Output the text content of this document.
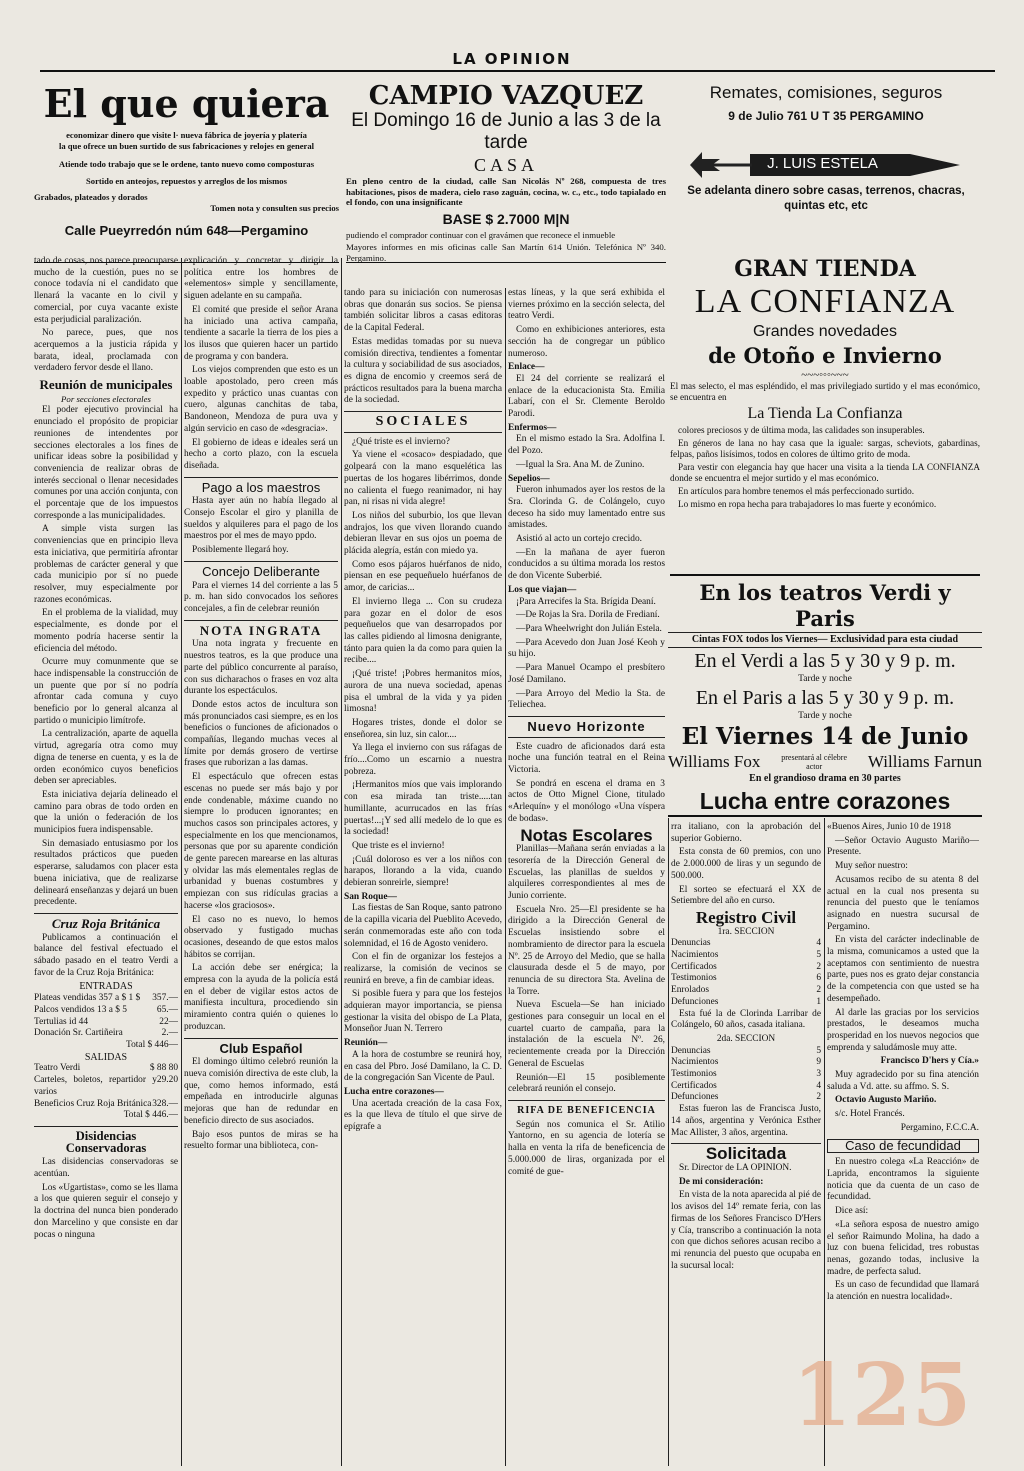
LA OPINION
El que quiera
economizar dinero que visite l· nueva fábrica de joyería y platería
la que ofrece un buen surtido de sus fabricaciones y relojes en general
Atiende todo trabajo que se le ordene, tanto nuevo como composturas
Sortido en anteojos, repuestos y arreglos de los mismos
Grabados, plateados y dorados
Tomen nota y consulten sus precios
Calle Pueyrredón núm 648—Pergamino
CAMPIO VAZQUEZ
El Domingo 16 de Junio a las 3 de la tarde
CASA
En pleno centro de la ciudad, calle San Nicolás Nº 268, compuesta de tres habitaciones, pisos de madera, cielo raso zaguán, cocina, w. c., etc., todo tapialado en el fondo, con una insignificante
BASE $ 2.7000 M|N
pudiendo el comprador continuar con el gravámen que reconece el inmueble
Mayores informes en mis oficinas calle San Martín 614 Unión. Telefónica Nº 340. Pergamino.
Remates, comisiones, seguros
9 de Julio 761 U T 35 PERGAMINO
Se adelanta dinero sobre casas, terrenos, chacras, quintas etc, etc
J. LUIS ESTELA
GRAN TIENDA
LA CONFIANZA
Grandes novedades
de Otoño e Invierno
~~~◦◦◦~~~
El mas selecto, el mas espléndido, el mas privilegiado surtido y el mas económico, se encuentra en
La Tienda La Confianza

colores preciosos y de última moda, las calidades son insuperables.

En géneros de lana no hay casa que la iguale: sargas, scheviots, gabardinas, felpas, paños lisísimos, todos en colores de último grito de moda.

Para vestir con elegancia hay que hacer una visita a la tienda LA CONFIANZA donde se encuentra el mejor surtido y el mas económico.

En artículos para hombre tenemos el más perfeccionado surtido.

Lo mismo en ropa hecha para trabajadores lo mas fuerte y económico.

En los teatros Verdi y Paris
Cintas FOX todos los Viernes— Exclusividad para esta ciudad
En el Verdi a las 5 y 30 y 9 p. m.
Tarde y noche
En el Paris a las 5 y 30 y 9 p. m.
Tarde y noche
El Viernes 14 de Junio
Williams Fox	presentará al célebre actor	Williams Farnun
En el grandioso drama en 30 partes
Lucha entre corazones

tado de cosas, nos parece preocuparse mucho de la cuestión, pues no se conoce todavía ni el candidato que llenará la vacante en lo civil y comercial, por cuya vacante existe esta perjudicial paralización.

No parece, pues, que nos acerquemos a la justicia rápida y barata, ideal, proclamada con verdadero fervor desde el llano.

Reunión de municipales
Por secciones electorales

El poder ejecutivo provincial ha enunciado el propósito de propiciar reuniones de intendentes por secciones electorales a los fines de unificar ideas sobre la posibilidad y conveniencia de realizar obras de interés seccional o llenar necesidades comunes por una acción conjunta, con el porcentaje que de los impuestos corresponde a las municipalidades.

A simple vista surgen las conveniencias que en principio lleva esta iniciativa, que permitiría afrontar problemas de carácter general y que cada municipio por sí no puede resolver, muy especialmente por razones económicas.

En el problema de la vialidad, muy especialmente, es donde por el momento podría hacerse sentir la eficiencia del método.

Ocurre muy comunmente que se hace indispensable la construcción de un puente que por sí no podría afrontar cada comuna y cuyo beneficio por lo general alcanza al partido o municipio limítrofe.

La centralización, aparte de aquella virtud, agregaría otra como muy digna de tenerse en cuenta, y es la de orden económico cuyos beneficios deben ser apreciables.

Esta iniciativa dejaría delineado el camino para obras de todo orden en que la unión o federación de los municipios fuera indispensable.

Sin demasiado entusiasmo por los resultados prácticos que pueden esperarse, saludamos con placer esta buena iniciativa, que de realizarse delineará enseñanzas y dejará un buen precedente.

Cruz Roja Británica

Publicamos a continuación el balance del festival efectuado el sábado pasado en el teatro Verdi a favor de la Cruz Roja Británica:

ENTRADAS
Plateas vendidas 357 a $ 1 $ 357.—
Palcos vendidos 13 a $ 5	65.—
Tertulias id 44	22—
Donación Sr. Cartiñeira	2.—
Total $ 446—
SALIDAS
Teatro Verdi	$ 88 80
Carteles, boletos, repartidor y varios
29.20
Beneficios Cruz Roja Británica 328.—
Total $ 446.—
Disidencias Conservadoras

Las disidencias conservadoras se acentúan.

Los «Ugartistas», como se les llama a los que quieren seguir el consejo y la doctrina del nunca bien ponderado don Marcelino y que consiste en dar pocas o ninguna

explicación y concretar y dirigir la política entre los hombres de «elementos» simple y sencillamente, siguen adelante en su campaña.

El comité que preside el señor Arana ha iniciado una activa campaña, tendiente a sacarle la tierra de los pies a los ilusos que quieren hacer un partido de programa y con bandera.

Los viejos comprenden que esto es un loable apostolado, pero creen más expedito y práctico unas cuantas con cuero, algunas canchitas de taba, Bandoneon, Mendoza de pura uva y algún servicio en caso de «desgracia».

El gobierno de ideas e ideales será un hecho a corto plazo, con la escuela diseñada.

Pago a los maestros

Hasta ayer aún no había llegado al Consejo Escolar el giro y planilla de sueldos y alquileres para el pago de los maestros por el mes de mayo ppdo.

Posiblemente llegará hoy.

Concejo Deliberante

Para el viernes 14 del corriente a las 5 p. m. han sido convocados los señores concejales, a fin de celebrar reunión

NOTA INGRATA

Una nota ingrata y frecuente en nuestros teatros, es la que produce una parte del público concurrente al paraíso, con sus dicharachos o frases en voz alta durante los espectáculos.

Donde estos actos de incultura son más pronunciados casi siempre, es en los beneficios o funciones de aficionados o compañías, llegando muchas veces al límite por demás grosero de vertirse frases que ruborizan a las damas.

El espectáculo que ofrecen estas escenas no puede ser más bajo y por ende condenable, máxime cuando no siempre lo producen ignorantes; en muchos casos son principales actores, y especialmente en los que mencionamos, personas que por su aparente condición de gente parecen marearse en las alturas y olvidar las más elementales reglas de urbanidad y buenas costumbres y empiezan con sus ridículas gracias a hacerse «los graciosos».

El caso no es nuevo, lo hemos observado y fustigado muchas ocasiones, deseando de que estos malos hábitos se corrijan.

La acción debe ser enérgica; la empresa con la ayuda de la policía está en el deber de vigilar estos actos de manifiesta incultura, procediendo sin miramiento contra quién o quienes lo produzcan.

Club Español

El domingo último celebró reunión la nueva comisión directiva de este club, la que, como hemos informado, está empeñada en introducirle algunas mejoras que han de redundar en beneficio directo de sus asociados.

Bajo esos puntos de miras se ha resuelto formar una biblioteca, con-

tando para su iniciación con numerosas obras que donarán sus socios. Se piensa también solicitar libros a casas editoras de la Capital Federal.

Estas medidas tomadas por su nueva comisión directiva, tendientes a fomentar la cultura y sociabilidad de sus asociados, es digna de encomio y creemos será de prácticos resultados para la buena marcha de la sociedad.

SOCIALES

¿Qué triste es el invierno?

Ya viene el «cosaco» despiadado, que golpeará con la mano esquelética las puertas de los hogares libérrimos, donde no calienta el fuego reanimador, ni hay pan, ni risas ni vida alegre!

Los niños del suburbio, los que llevan andrajos, los que viven llorando cuando debieran llevar en sus ojos un poema de plácida alegría, están con miedo ya.

Como esos pájaros huérfanos de nido, piensan en ese pequeñuelo huérfanos de amor, de caricias...

El invierno llega ... Con su crudeza para gozar en el dolor de esos pequeñuelos que van desarropados por las calles pidiendo al limosna denigrante, tánto para quien la da como para quien la recibe....

¡Qué triste! ¡Pobres hermanitos míos, aurora de una nueva sociedad, apenas pisa el umbral de la vida y ya piden limosna!

Hogares tristes, donde el dolor se enseñorea, sin luz, sin calor....

Ya llega el invierno con sus ráfagas de frío....Como un escarnio a nuestra pobreza.

¡Hermanitos míos que vais implorando con esa mirada tan triste.....tan humillante, acurrucados en las frías puertas!...¡Y sed allí medelo de lo que es la sociedad!

Que triste es el invierno!

¡Cuál doloroso es ver a los niños con harapos, llorando a la vida, cuando debieran sonreirle, siempre!

San Roque—

Las fiestas de San Roque, santo patrono de la capilla vicaria del Pueblito Acevedo, serán conmemoradas este año con toda solemnidad, el 16 de Agosto venidero.

Con el fin de organizar los festejos a realizarse, la comisión de vecinos se reunirá en breve, a fin de cambiar ideas.

Si posible fuera y para que los festejos adquieran mayor importancia, se piensa gestionar la visita del obispo de La Plata, Monseñor Juan N. Terrero

Reunión—

A la hora de costumbre se reunirá hoy, en casa del Pbro. José Damilano, la C. D. de la congregación San Vicente de Paul.

Lucha entre corazones—

Una acertada creación de la casa Fox, es la que lleva de título el que sirve de epígrafe a

estas líneas, y la que será exhibida el viernes próximo en la sección selecta, del teatro Verdi.

Como en exhibiciones anteriores, esta sección ha de congregar un público numeroso.

Enlace—

El 24 del corriente se realizará el enlace de la educacionista Sta. Emilia Labarí, con el Sr. Clemente Beroldo Parodi.

Enfermos—

En el mismo estado la Sra. Adolfina I. del Pozo.

—Igual la Sra. Ana M. de Zunino.

Sepelios—

Fueron inhumados ayer los restos de la Sra. Clorinda G. de Colángelo, cuyo deceso ha sido muy lamentado entre sus amistades.

Asistió al acto un cortejo crecido.

—En la mañana de ayer fueron conducidos a su última morada los restos de don Vicente Suberbié.

Los que viajan—

¡Para Arrecifes la Sta. Brígida Deaní.

—De Rojas la Sra. Dorila de Fredianí.

—Para Wheelwright don Julián Estela.

—Para Acevedo don Juan José Keoh y su hijo.

—Para Manuel Ocampo el presbítero José Damilano.

—Para Arroyo del Medio la Sta. de Teliechea.

Nuevo Horizonte

Este cuadro de aficionados dará esta noche una función teatral en el Reina Victoria.

Se pondrá en escena el drama en 3 actos de Otto Mignel Cione, titulado «Arlequín» y el monólogo «Una víspera de bodas».

Notas Escolares

Planillas—Mañana serán enviadas a la tesorería de la Dirección General de Escuelas, las planillas de sueldos y alquileres correspondientes al mes de Junio corriente.

Escuela Nro. 25—El presidente se ha dirigido a la Dirección General de Escuelas insistiendo sobre el nombramiento de director para la escuela Nº. 25 de Arroyo del Medio, que se halla clausurada desde el 5 de mayo, por renuncia de su directora Sta. Avelina de la Torre.

Nueva Escuela—Se han iniciado gestiones para conseguir un local en el cuartel cuarto de campaña, para la instalación de la escuela Nº. 26, recientemente creada por la Dirección General de Escuelas

Reunión—El 15 posiblemente celebrará reunión el consejo.

RIFA DE BENEFICENCIA

Según nos comunica el Sr. Atilio Yantorno, en su agencia de lotería se halla en venta la rifa de beneficencia de 5.000.000 de liras, organizada por el comité de gue-

rra italiano, con la aprobación del superior Gobierno.

Esta consta de 60 premios, con uno de 2.000.000 de liras y un segundo de 500.000.

El sorteo se efectuará el XX de Setiembre del año en curso.

Registro Civil
1ra. SECCION
Denuncias	4
Nacimientos	5
Certificados	2
Testimonios	6
Enrolados	2
Defunciones	1

Esta fué la de Clorinda Larribar de Colángelo, 60 años, casada italiana.

2da. SECCION
Denuncias	5
Nacimientos	9
Testimonios	3
Certificados	4
Defunciones	2

Estas fueron las de Francisca Justo, 14 años, argentina y Verónica Esther Mac Allister, 3 años, argentina.

Solicitada

Sr. Director de LA OPINION.

De mi consideración:

En vista de la nota aparecida al pié de los avisos del 14º remate feria, con las firmas de los Señores Francisco D'Hers y Cía, transcribo a continuación la nota con que dichos señores acusan recibo a mi renuncia del puesto que ocupaba en la sucursal local:

«Buenos Aires, Junio 10 de 1918

—Señor Octavio Augusto Mariño—Presente.

Muy señor nuestro:

Acusamos recibo de su atenta 8 del actual en la cual nos presenta su renuncia del puesto que le teníamos asignado en nuestra sucursal de Pergamino.

En vista del carácter indeclinable de la misma, comunicamos a usted que la aceptamos con sentimiento de nuestra parte, pues nos es grato dejar constancia de la competencia con que usted se ha desempeñado.

Al darle las gracias por los servicios prestados, le deseamos mucha prosperidad en los nuevos negocios que emprenda y saludámosle muy atte.

Francisco D'hers y Cía.»

Muy agradecido por su fina atención saluda a Vd. atte. su affmo. S. S.

Octavio Augusto Mariño.

s/c. Hotel Francés.

Pergamino, F.C.C.A.

Caso de fecundidad

En nuestro colega «La Reacción» de Laprida, encontramos la siguiente noticia que da cuenta de un caso de fecundidad.

Dice así:

«La señora esposa de nuestro amigo el señor Raimundo Molina, ha dado a luz con buena felicidad, tres robustas nenas, gozando todas, inclusive la madre, de perfecta salud.

Es un caso de fecundidad que llamará la atención en nuestra localidad».

125
